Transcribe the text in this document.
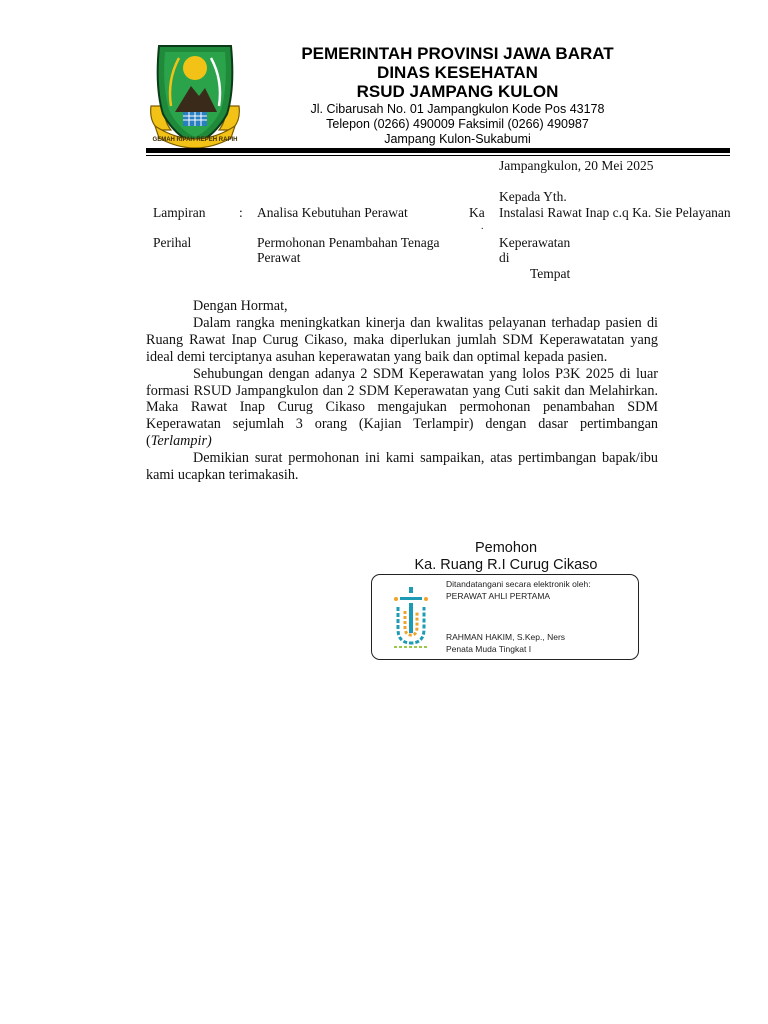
GEMAH RIPAH REPEH RAPIH
PEMERINTAH PROVINSI JAWA BARAT
DINAS KESEHATAN
RSUD JAMPANG KULON
Jl. Cibarusah No. 01 Jampangkulon Kode Pos 43178
Telepon (0266) 490009 Faksimil (0266) 490987
Jampang Kulon-Sukabumi
Jampangkulon, 20 Mei 2025
Lampiran : Analisa Kebutuhan Perawat
Perihal	Permohonan Penambahan Tenaga
Perawat
Ka
.
Kepada Yth.
Instalasi Rawat Inap c.q Ka. Sie Pelayanan
Keperawatan
di
Tempat

Dengan Hormat,

Dalam rangka meningkatkan kinerja dan kwalitas pelayanan terhadap pasien di Ruang Rawat Inap Curug Cikaso, maka diperlukan jumlah SDM Keperawatatan yang ideal demi terciptanya asuhan keperawatan yang baik dan optimal kepada pasien.

Sehubungan dengan adanya 2 SDM Keperawatan yang lolos P3K 2025 di luar formasi RSUD Jampangkulon dan 2 SDM Keperawatan yang Cuti sakit dan Melahirkan. Maka Rawat Inap Curug Cikaso mengajukan permohonan penambahan SDM Keperawatan sejumlah 3 orang (Kajian Terlampir) dengan dasar pertimbangan (Terlampir)

Demikian surat permohonan ini kami sampaikan, atas pertimbangan bapak/ibu kami ucapkan terimakasih.

Pemohon
Ka. Ruang R.I Curug Cikaso
Ditandatangani secara elektronik oleh:
PERAWAT AHLI PERTAMA
RAHMAN HAKIM, S.Kep., Ners
Penata Muda Tingkat I
